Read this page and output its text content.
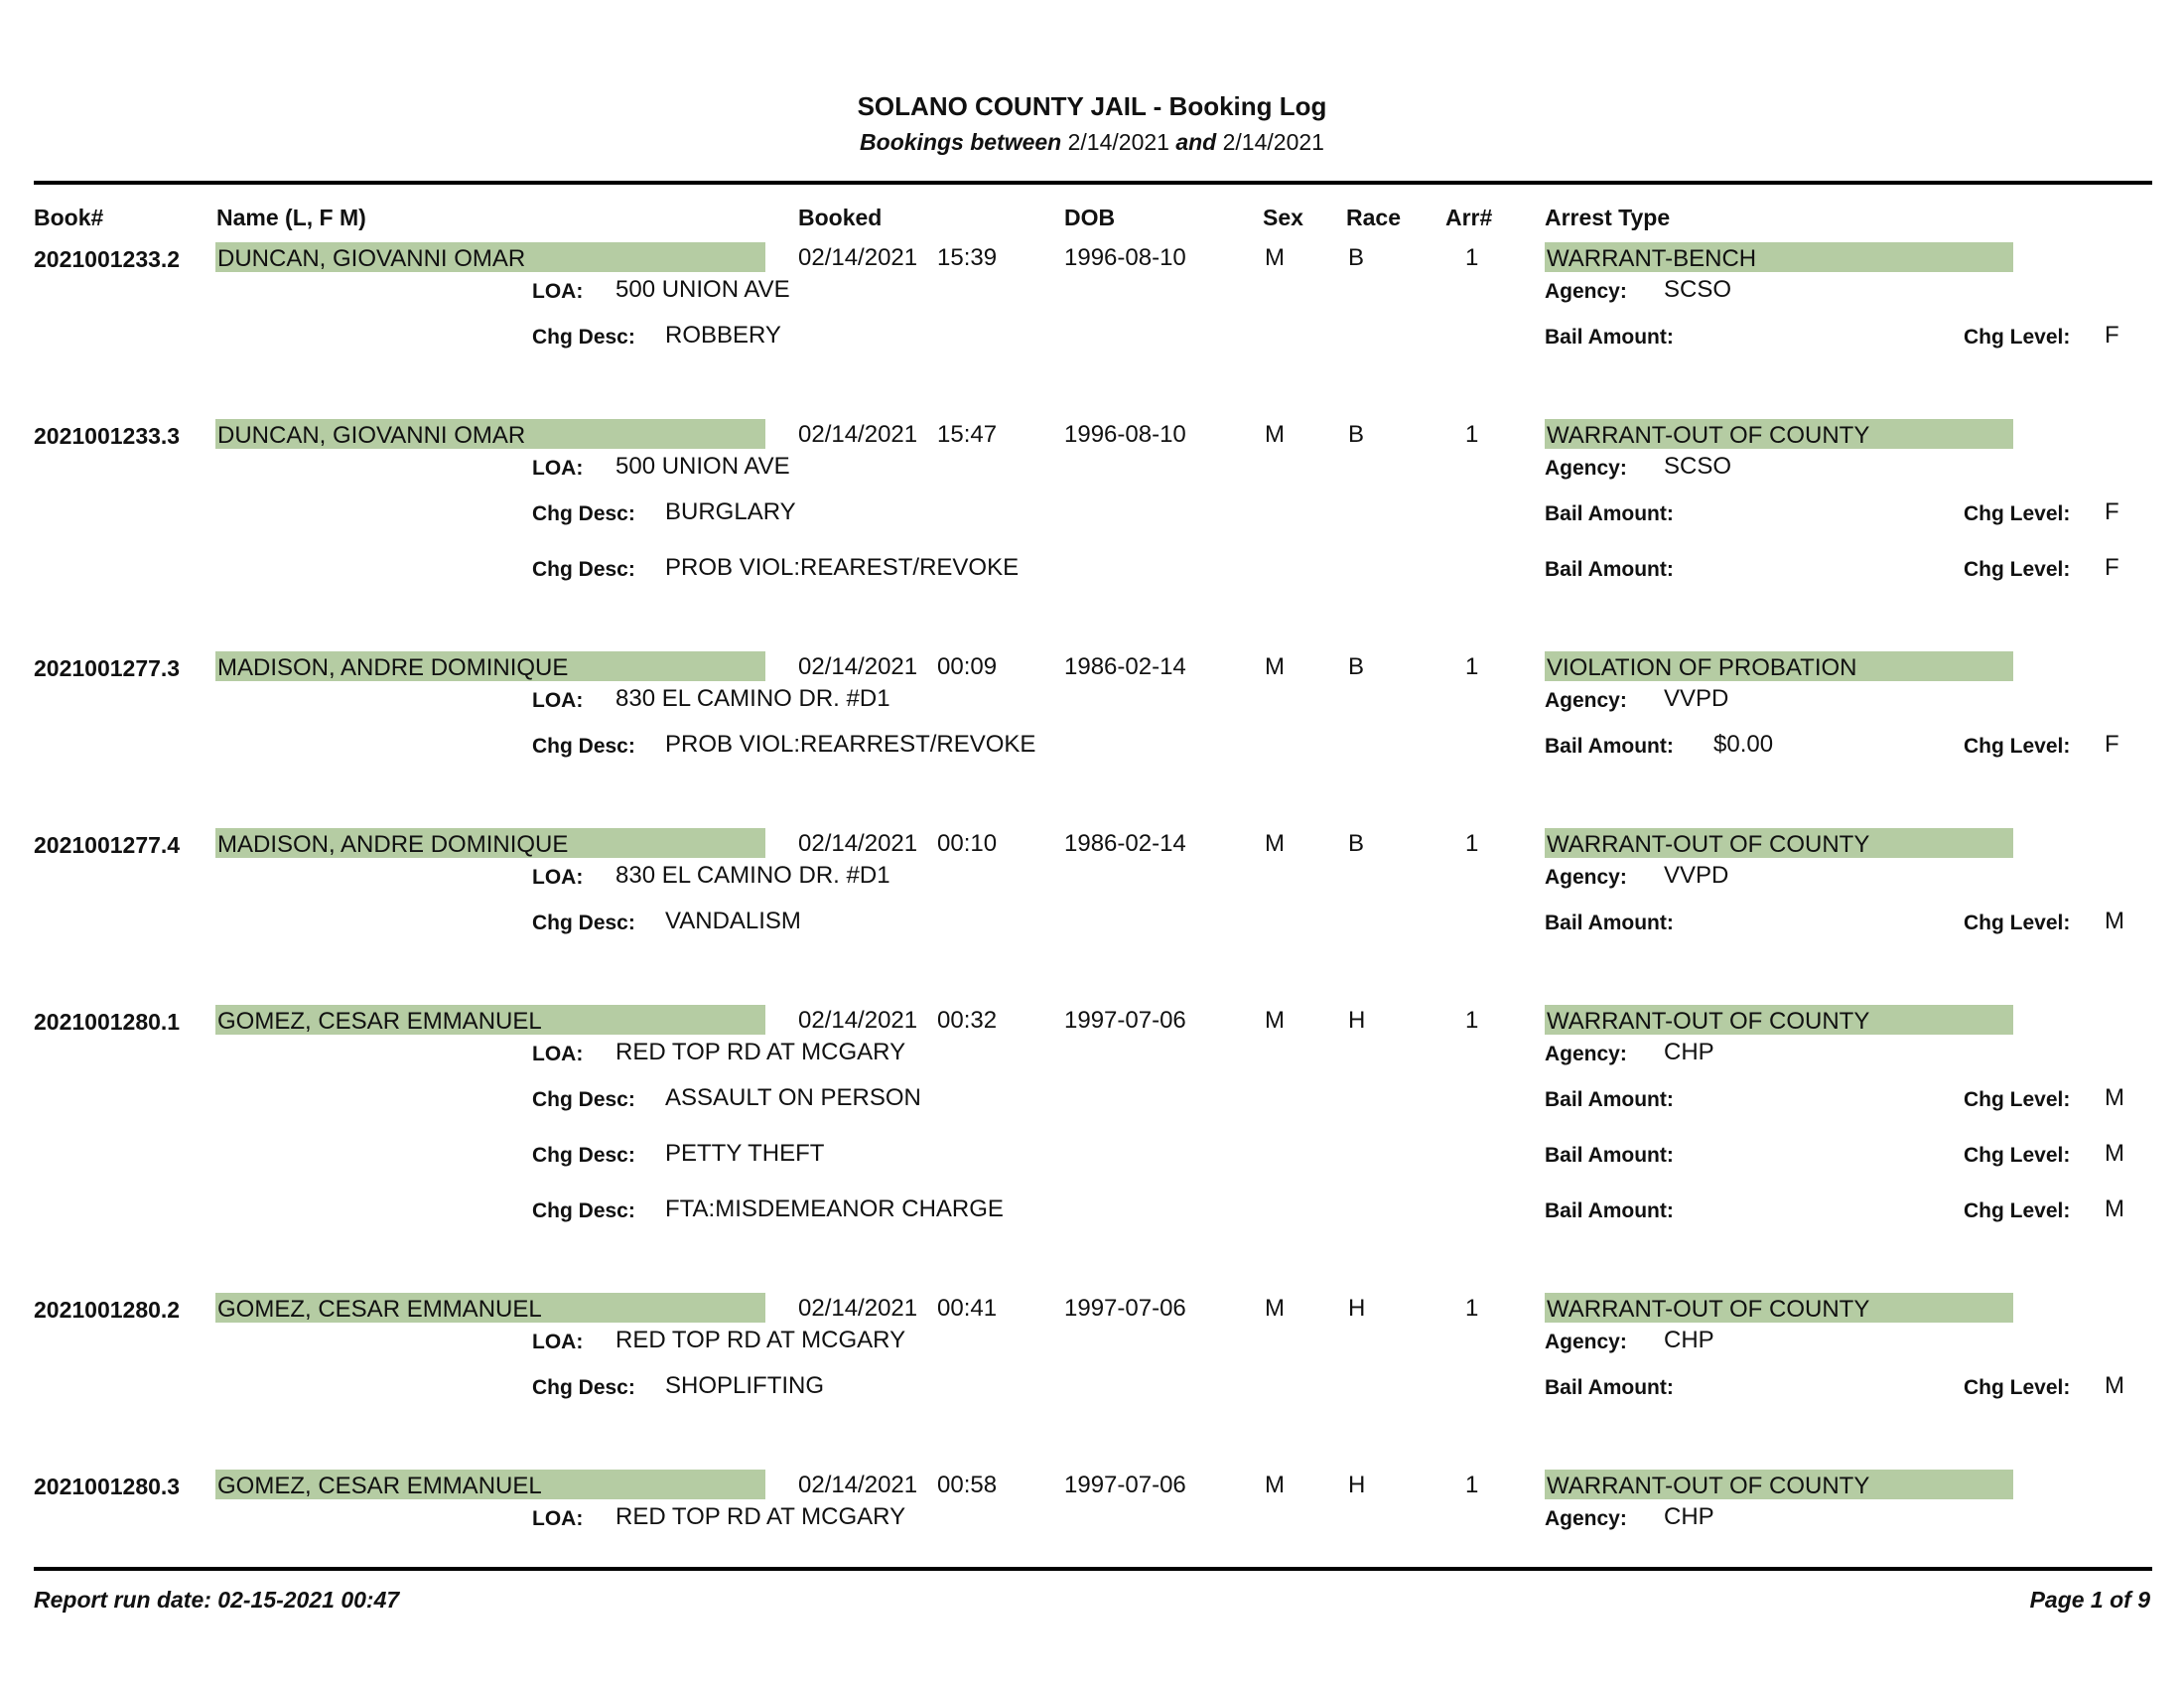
SOLANO COUNTY JAIL - Booking Log
Bookings between 2/14/2021 and 2/14/2021
Book#	Name (L, F M)	Booked	DOB	Sex Race Arr# Arrest Type
2021001233.2 DUNCAN, GIOVANNI OMAR	02/14/2021 15:39	1996-08-10	M	B	1	WARRANT-BENCH
LOA: 500 UNION AVE	Agency: SCSO
Chg Desc: ROBBERY	Bail Amount:	Chg Level: F
2021001233.3 DUNCAN, GIOVANNI OMAR	02/14/2021 15:47	1996-08-10	M	B	1	WARRANT-OUT OF COUNTY
LOA: 500 UNION AVE	Agency: SCSO
Chg Desc: BURGLARY	Bail Amount:	Chg Level: F
Chg Desc: PROB VIOL:REAREST/REVOKE	Bail Amount:	Chg Level: F
2021001277.3 MADISON, ANDRE DOMINIQUE	02/14/2021 00:09	1986-02-14	M	B	1	VIOLATION OF PROBATION
LOA: 830 EL CAMINO DR. #D1	Agency: VVPD
Chg Desc: PROB VIOL:REARREST/REVOKE	Bail Amount: $0.00	Chg Level: F
2021001277.4 MADISON, ANDRE DOMINIQUE	02/14/2021 00:10	1986-02-14	M	B	1	WARRANT-OUT OF COUNTY
LOA: 830 EL CAMINO DR. #D1	Agency: VVPD
Chg Desc: VANDALISM	Bail Amount:	Chg Level: M
2021001280.1 GOMEZ, CESAR EMMANUEL	02/14/2021 00:32	1997-07-06	M	H	1	WARRANT-OUT OF COUNTY
LOA: RED TOP RD AT MCGARY	Agency: CHP
Chg Desc: ASSAULT ON PERSON	Bail Amount:	Chg Level: M
Chg Desc: PETTY THEFT	Bail Amount:	Chg Level: M
Chg Desc: FTA:MISDEMEANOR CHARGE	Bail Amount:	Chg Level: M
2021001280.2 GOMEZ, CESAR EMMANUEL	02/14/2021 00:41	1997-07-06	M	H	1	WARRANT-OUT OF COUNTY
LOA: RED TOP RD AT MCGARY	Agency: CHP
Chg Desc: SHOPLIFTING	Bail Amount:	Chg Level: M
2021001280.3 GOMEZ, CESAR EMMANUEL	02/14/2021 00:58	1997-07-06	M	H	1	WARRANT-OUT OF COUNTY
LOA: RED TOP RD AT MCGARY	Agency: CHP
Report run date: 02-15-2021 00:47	Page 1 of 9
